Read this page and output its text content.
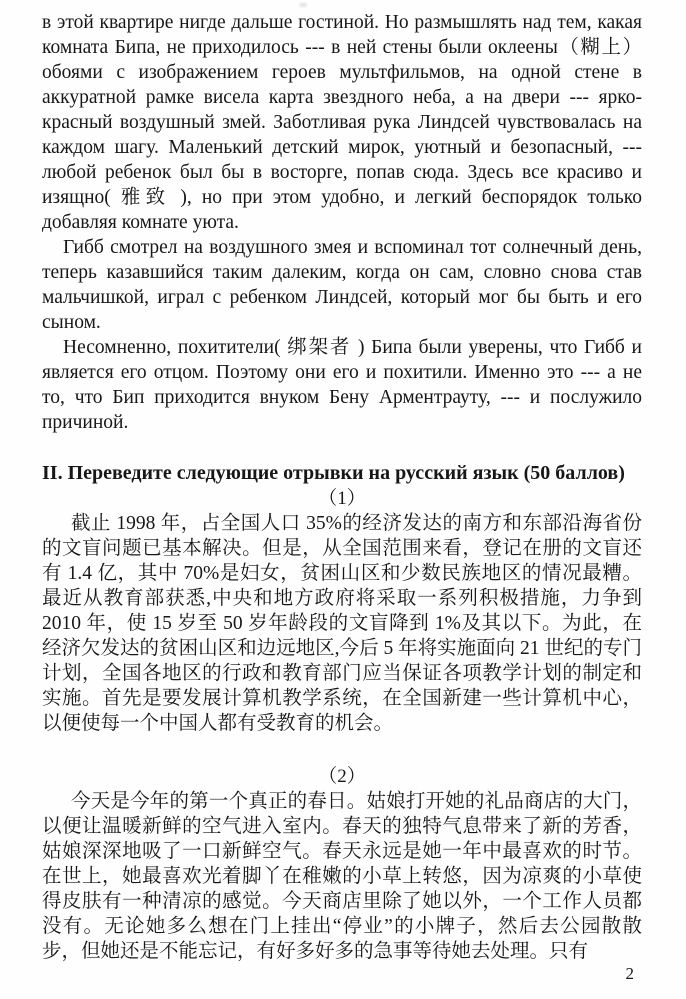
в этой квартире нигде дальше гостиной. Но размышлять над тем, какая комната Бипа, не приходилось --- в ней стены были оклеены（糊上） обоями с изображением героев мультфильмов, на одной стене в аккуратной рамке висела карта звездного неба, а на двери --- ярко-красный воздушный змей. Заботливая рука Линдсей чувствовалась на каждом шагу. Маленький детский мирок, уютный и безопасный, --- любой ребенок был бы в восторге, попав сюда. Здесь все красиво и изящно( 雅致 ), но при этом удобно, и легкий беспорядок только добавляя комнате уюта.

Гибб смотрел на воздушного змея и вспоминал тот солнечный день, теперь казавшийся таким далеким, когда он сам, словно снова став мальчишкой, играл с ребенком Линдсей, который мог бы быть и его сыном.

Несомненно, похитители( 绑架者 ) Бипа были уверены, что Гибб и является его отцом. Поэтому они его и похитили. Именно это --- а не то, что Бип приходится внуком Бену Арментрауту, --- и послужило причиной.

II. Переведите следующие отрывки на русский язык (50 баллов)
（1）

截止 1998 年，占全国人口 35%的经济发达的南方和东部沿海省份的文盲问题已基本解决。但是，从全国范围来看，登记在册的文盲还有 1.4 亿，其中 70%是妇女，贫困山区和少数民族地区的情况最糟。最近从教育部获悉,中央和地方政府将采取一系列积极措施，力争到 2010 年，使 15 岁至 50 岁年龄段的文盲降到 1%及其以下。为此，在经济欠发达的贫困山区和边远地区,今后 5 年将实施面向 21 世纪的专门计划，全国各地区的行政和教育部门应当保证各项教学计划的制定和实施。首先是要发展计算机教学系统，在全国新建一些计算机中心，以便使每一个中国人都有受教育的机会。

（2）

今天是今年的第一个真正的春日。姑娘打开她的礼品商店的大门，以便让温暖新鲜的空气进入室内。春天的独特气息带来了新的芳香，姑娘深深地吸了一口新鲜空气。春天永远是她一年中最喜欢的时节。在世上，她最喜欢光着脚丫在稚嫩的小草上转悠，因为凉爽的小草使得皮肤有一种清凉的感觉。今天商店里除了她以外，一个工作人员都没有。无论她多么想在门上挂出“停业”的小牌子，然后去公园散散步，但她还是不能忘记，有好多好多的急事等待她去处理。只有

2
